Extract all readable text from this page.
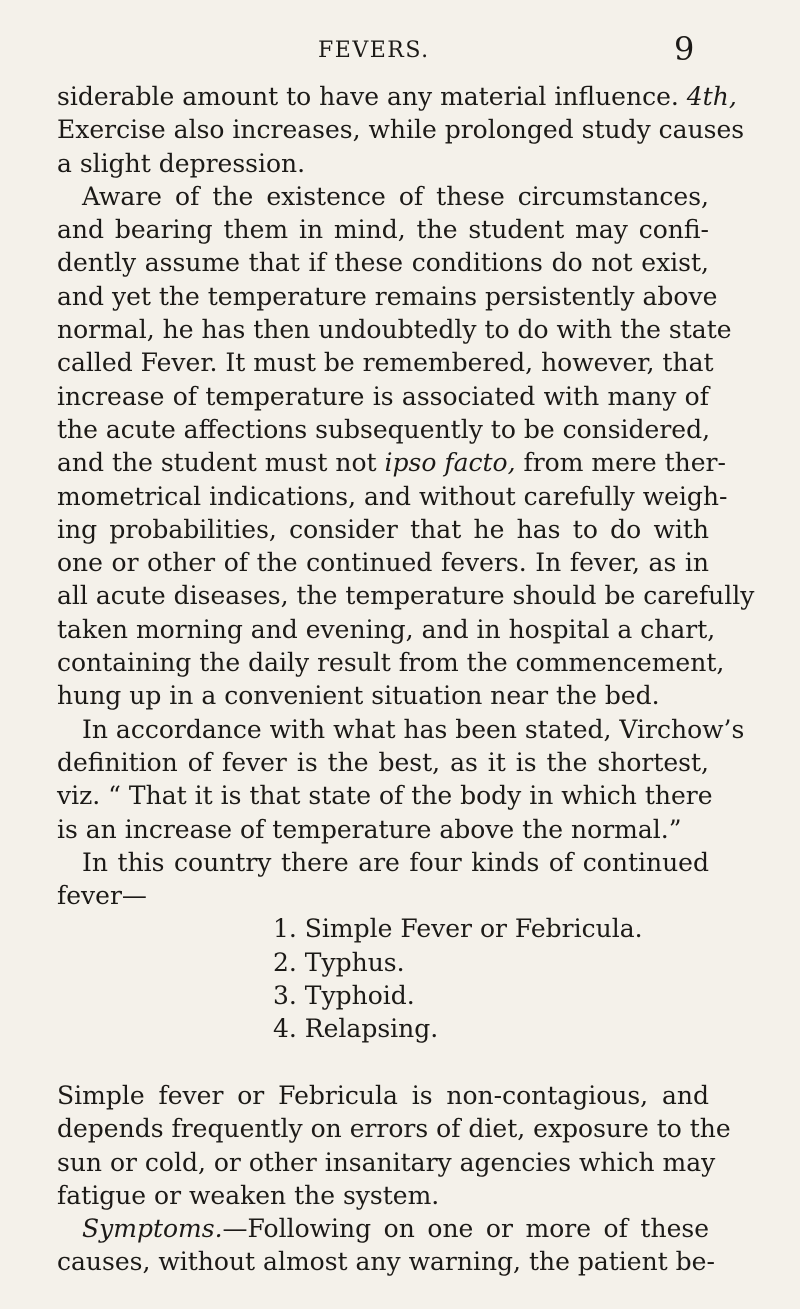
FEVERS.	9
siderable amount to have any material influence. 4th,
Exercise also increases, while prolonged study causes
a slight depression.
Aware of the existence of these circumstances,
and bearing them in mind, the student may confi-
dently assume that if these conditions do not exist,
and yet the temperature remains persistently above
normal, he has then undoubtedly to do with the state
called Fever. It must be remembered, however, that
increase of temperature is associated with many of
the acute affections subsequently to be considered,
and the student must not ipso facto, from mere ther-
mometrical indications, and without carefully weigh-
ing probabilities, consider that he has to do with
one or other of the continued fevers. In fever, as in
all acute diseases, the temperature should be carefully
taken morning and evening, and in hospital a chart,
containing the daily result from the commencement,
hung up in a convenient situation near the bed.
In accordance with what has been stated, Virchow’s
definition of fever is the best, as it is the shortest,
viz. “ That it is that state of the body in which there
is an increase of temperature above the normal.”
In this country there are four kinds of continued
fever—
1. Simple Fever or Febricula.
2. Typhus.
3. Typhoid.
4. Relapsing.
Simple fever or Febricula is non-contagious, and
depends frequently on errors of diet, exposure to the
sun or cold, or other insanitary agencies which may
fatigue or weaken the system.
Symptoms.—Following on one or more of these
causes, without almost any warning, the patient be-
